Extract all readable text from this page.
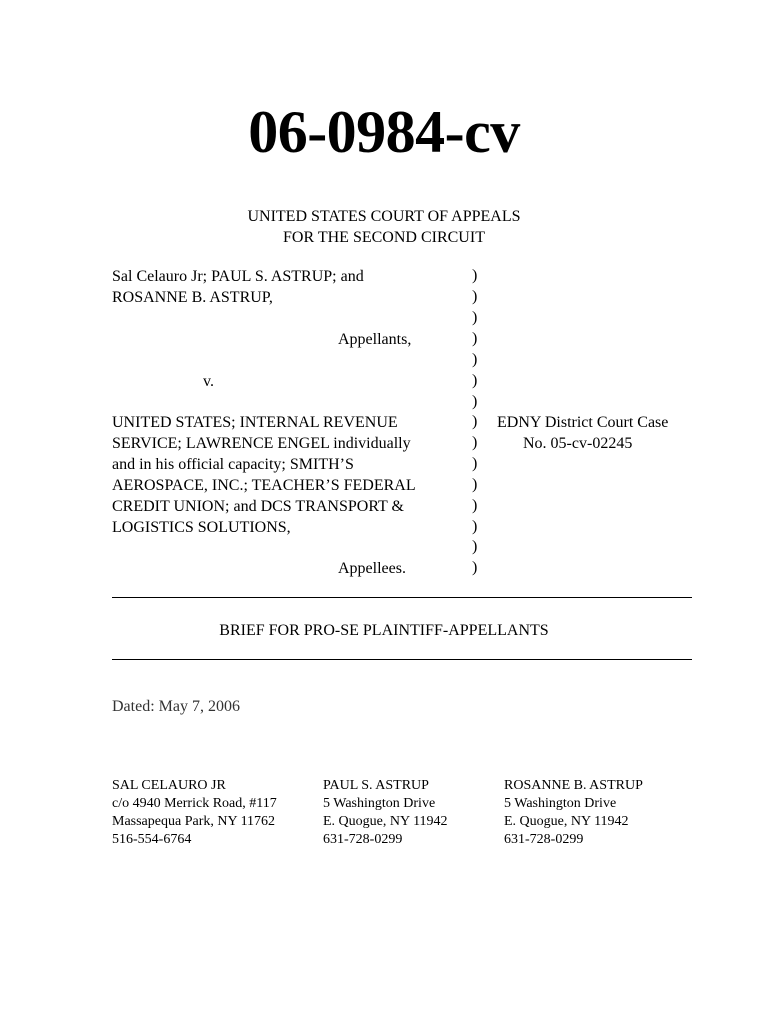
06-0984-cv
UNITED STATES COURT OF APPEALS
FOR THE SECOND CIRCUIT
Sal Celauro Jr; PAUL S. ASTRUP; and
ROSANNE B. ASTRUP,
Appellants,
v.
UNITED STATES; INTERNAL REVENUE
SERVICE; LAWRENCE ENGEL individually
and in his official capacity; SMITH’S
AEROSPACE, INC.; TEACHER’S FEDERAL
CREDIT UNION; and DCS TRANSPORT &
LOGISTICS SOLUTIONS,
Appellees.
)
)
)
)
)
)
)
)
)
)
)
)
)
)
)
EDNY District Court Case
No. 05-cv-02245
BRIEF FOR PRO-SE PLAINTIFF-APPELLANTS
Dated: May 7, 2006
SAL CELAURO JR
c/o 4940 Merrick Road, #117
Massapequa Park, NY 11762
516-554-6764
PAUL S. ASTRUP
5 Washington Drive
E. Quogue, NY 11942
631-728-0299
ROSANNE B. ASTRUP
5 Washington Drive
E. Quogue, NY 11942
631-728-0299
